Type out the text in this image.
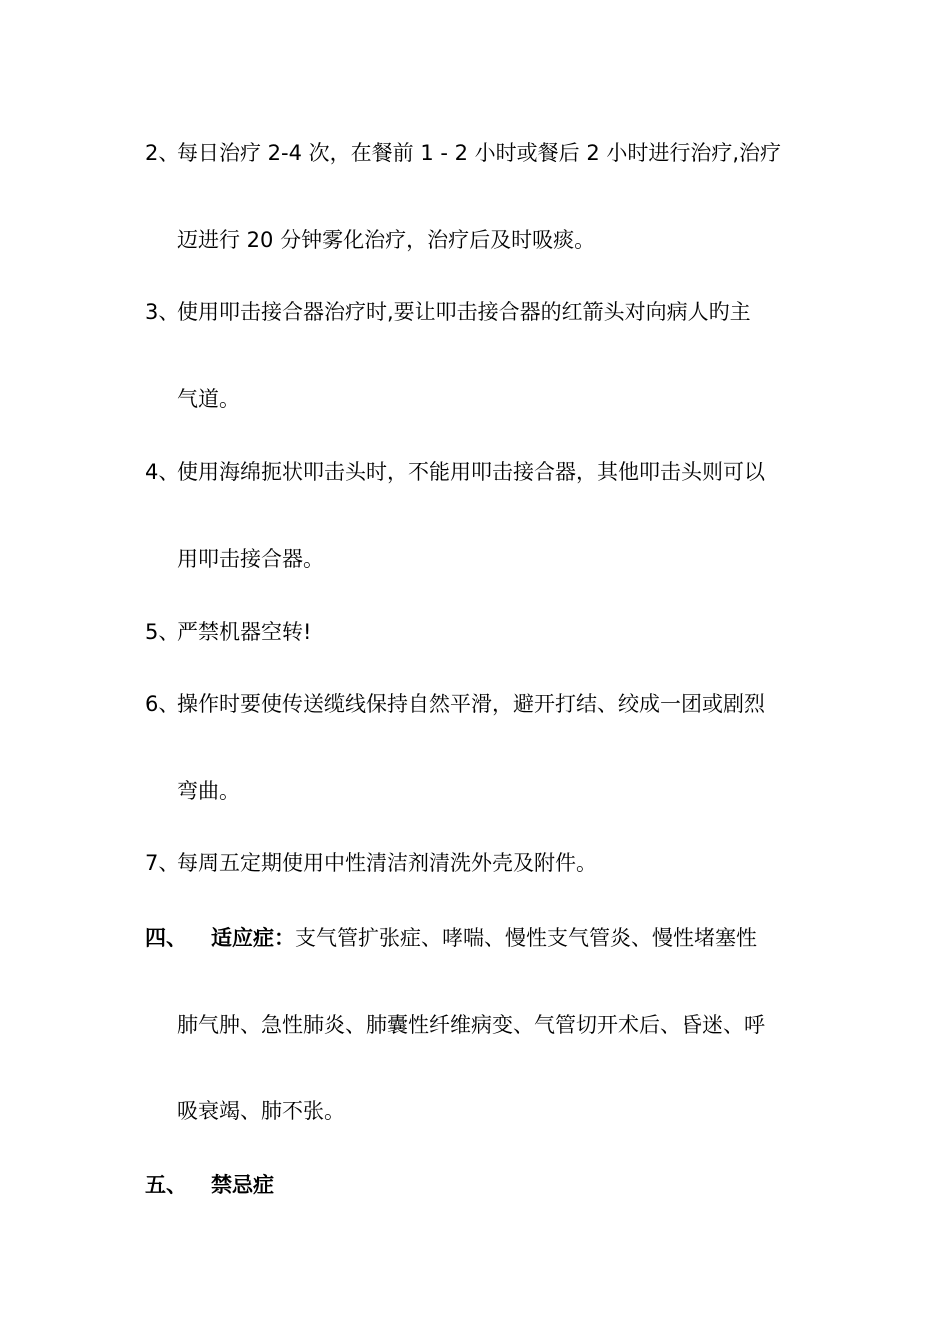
2、每日治疗 2-4 次，在餐前 1 - 2 小时或餐后 2 小时进行治疗,治疗
迈进行 20 分钟雾化治疗，治疗后及时吸痰。
3、使用叩击接合器治疗时,要让叩击接合器的红箭头对向病人旳主
气道。
4、使用海绵扼状叩击头时，不能用叩击接合器，其他叩击头则可以
用叩击接合器。
5、严禁机器空转!
6、操作时要使传送缆线保持自然平滑，避开打结、绞成一团或剧烈
弯曲。
7、每周五定期使用中性清洁剂清洗外壳及附件。
四、 适应症：支气管扩张症、哮喘、慢性支气管炎、慢性堵塞性
肺气肿、急性肺炎、肺囊性纤维病变、气管切开术后、昏迷、呼
吸衰竭、肺不张。
五、 禁忌症
